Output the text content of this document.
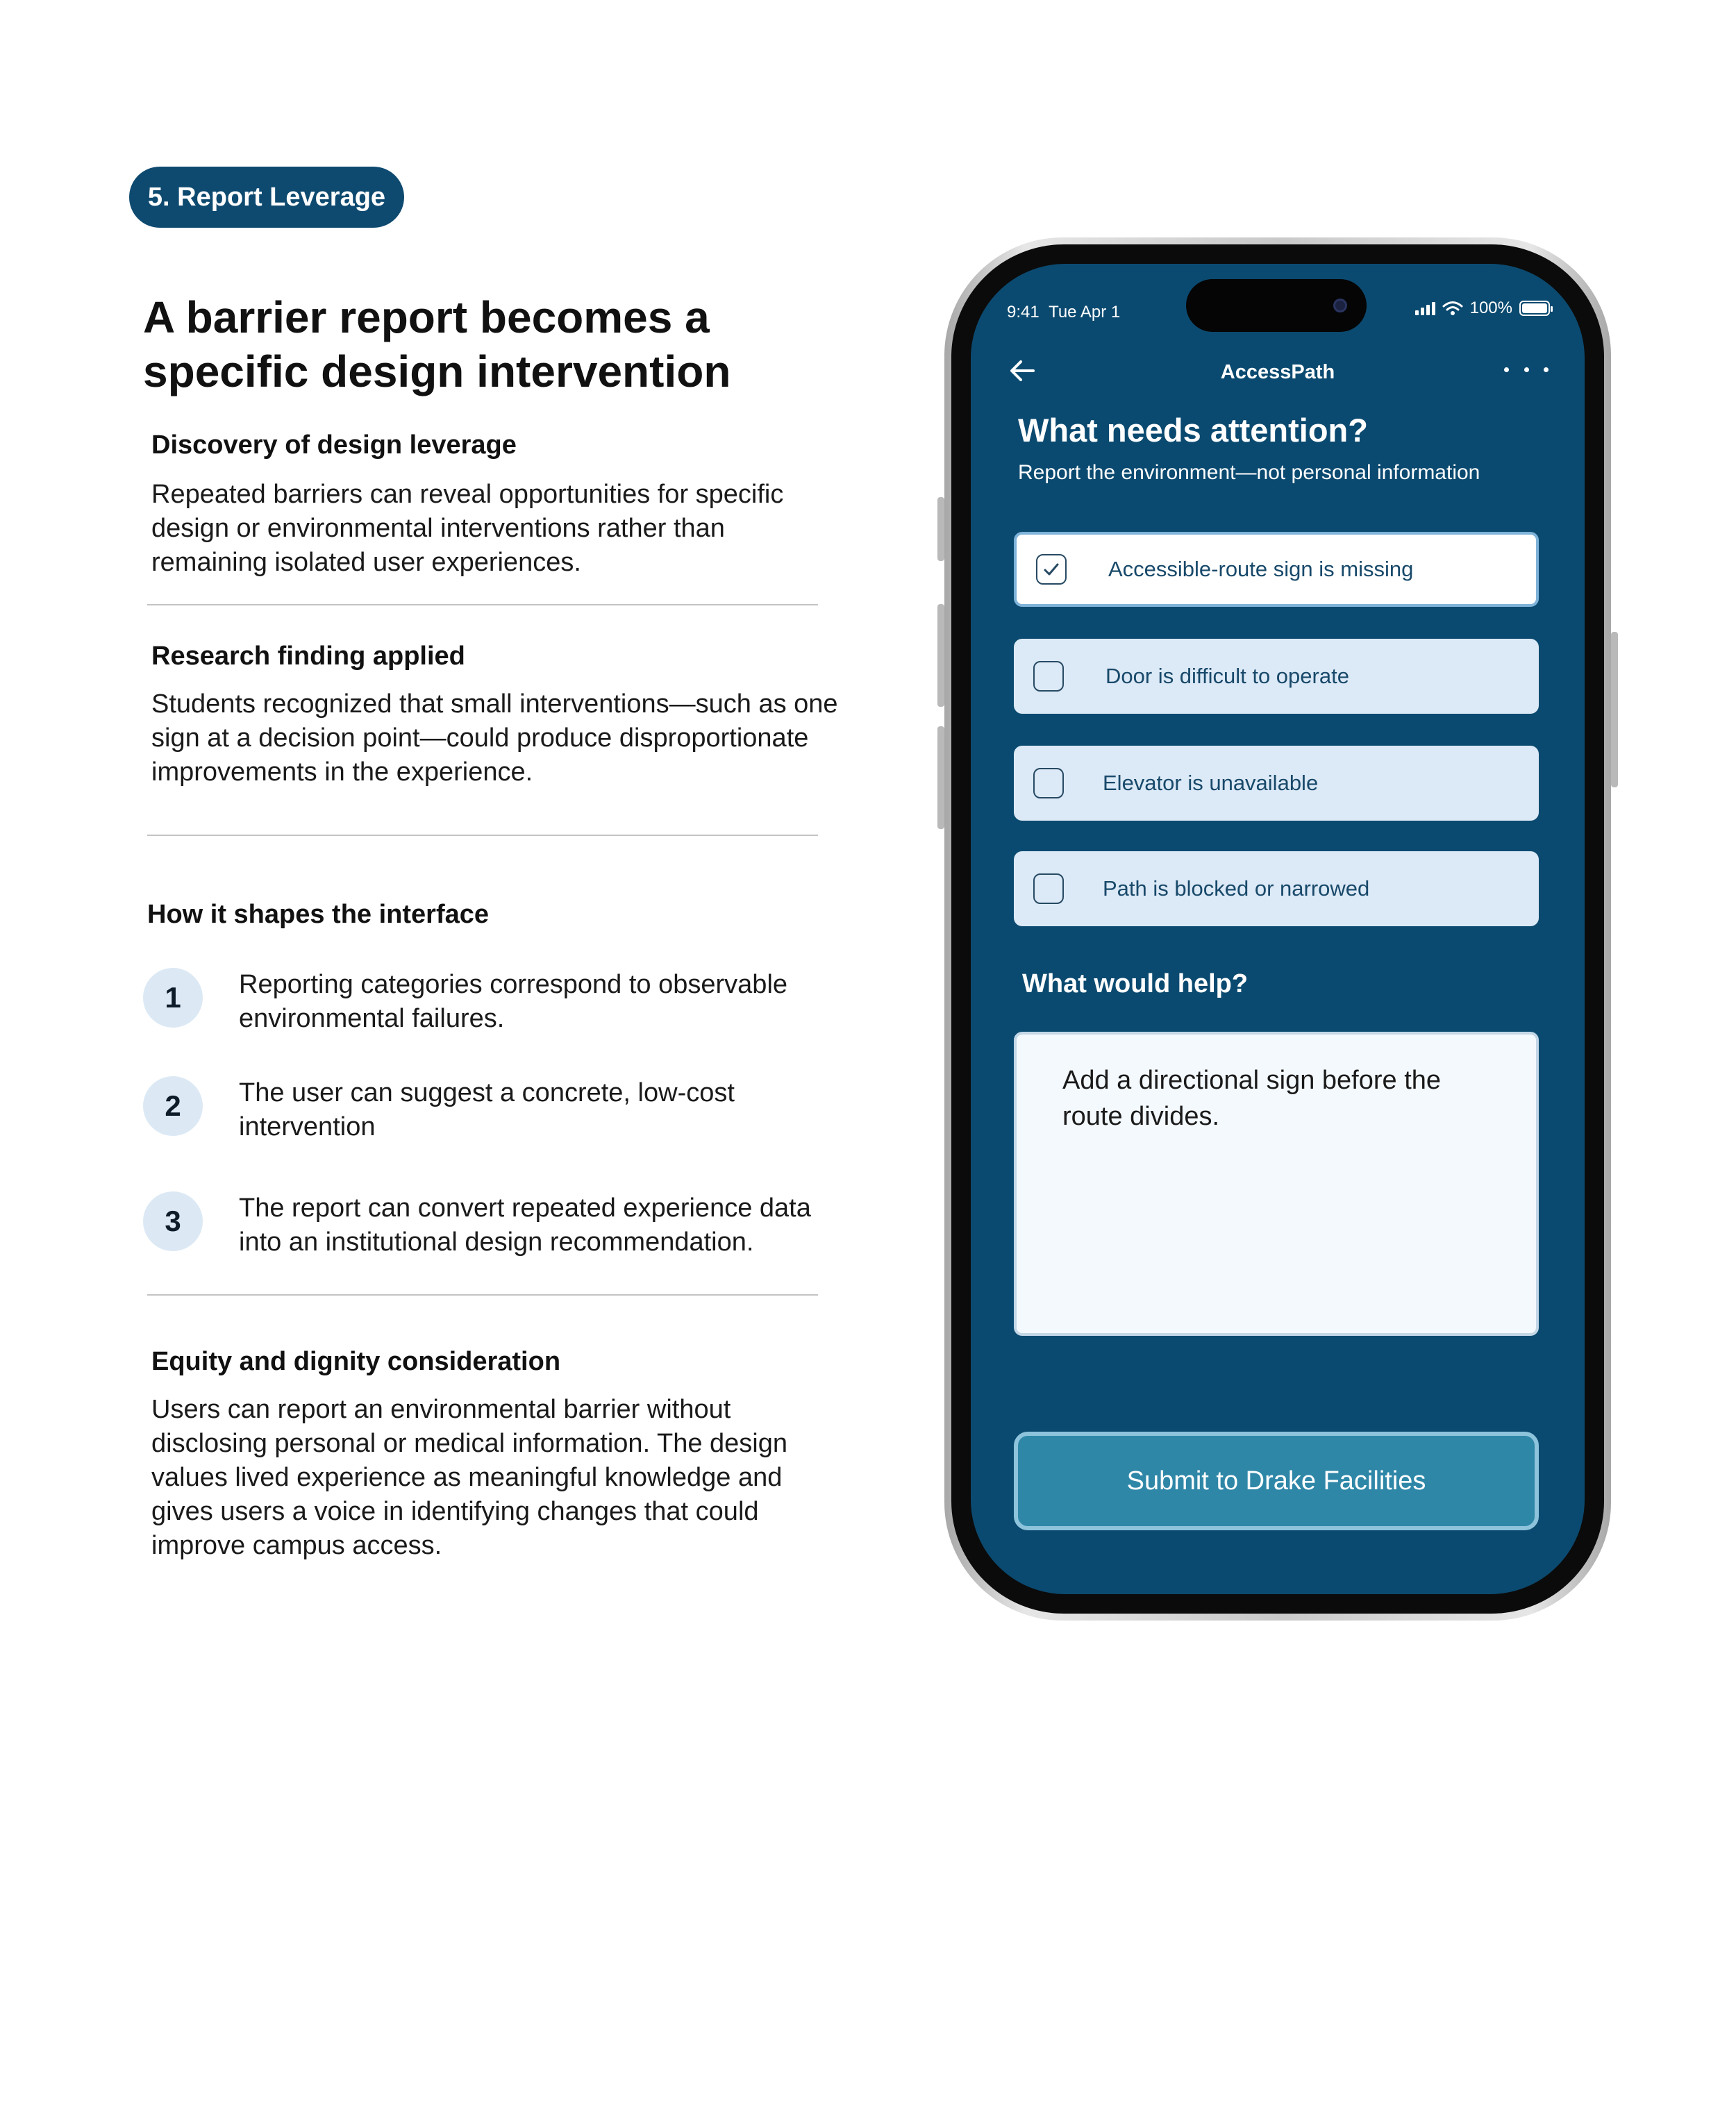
5. Report Leverage
A barrier report becomes a specific design intervention
Discovery of design leverage
Repeated barriers can reveal opportunities for specific design or environmental interventions rather than remaining isolated user experiences.
Research finding applied
Students recognized that small interventions—such as one sign at a decision point—could produce disproportionate improvements in the experience.
How it shapes the interface
1	Reporting categories correspond to observable environmental failures.
2	The user can suggest a concrete, low-cost intervention
3	The report can convert repeated experience data into an institutional design recommendation.
Equity and dignity consideration
Users can report an environmental barrier without disclosing personal or medical information. The design values lived experience as meaningful knowledge and gives users a voice in identifying changes that could improve campus access.
9:41 Tue Apr 1	100%
AccessPath
What needs attention?
Report the environment—not personal information
Accessible-route sign is missing
Door is difficult to operate
Elevator is unavailable
Path is blocked or narrowed
What would help?
Add a directional sign before the route divides.
Submit to Drake Facilities
